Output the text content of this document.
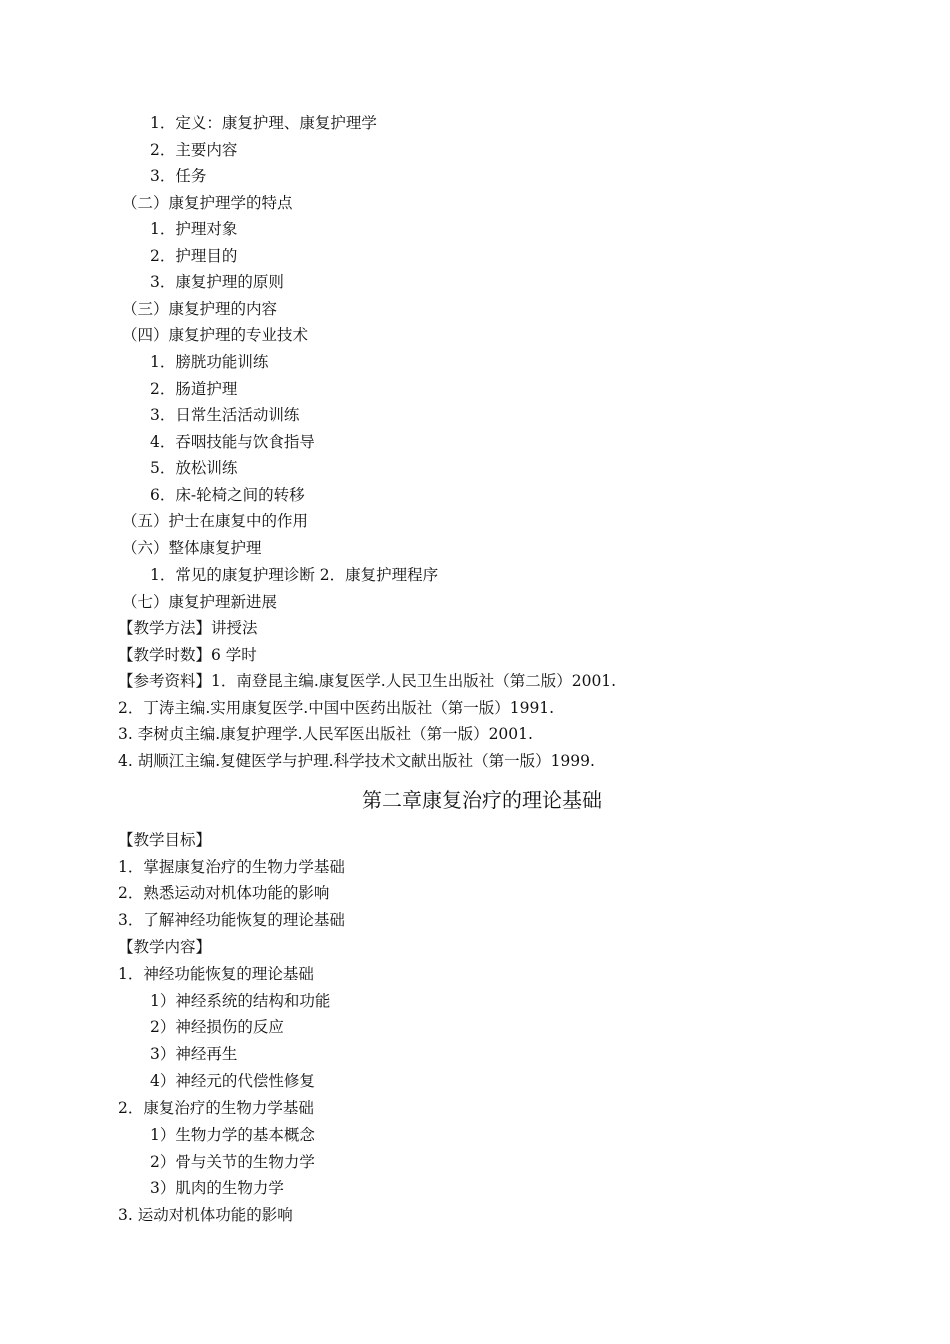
1．定义：康复护理、康复护理学
2．主要内容
3．任务
（二）康复护理学的特点
1．护理对象
2．护理目的
3．康复护理的原则
（三）康复护理的内容
（四）康复护理的专业技术
1．膀胱功能训练
2．肠道护理
3．日常生活活动训练
4．吞咽技能与饮食指导
5．放松训练
6．床-轮椅之间的转移
（五）护士在康复中的作用
（六）整体康复护理
1．常见的康复护理诊断 2．康复护理程序
（七）康复护理新进展
【教学方法】讲授法
【教学时数】6 学时
【参考资料】1．南登昆主编.康复医学.人民卫生出版社（第二版）2001.
2．丁涛主编.实用康复医学.中国中医药出版社（第一版）1991.
3. 李树贞主编.康复护理学.人民军医出版社（第一版）2001.
4. 胡顺江主编.复健医学与护理.科学技术文献出版社（第一版）1999.
第二章康复治疗的理论基础
【教学目标】
1．掌握康复治疗的生物力学基础
2．熟悉运动对机体功能的影响
3．了解神经功能恢复的理论基础
【教学内容】
1．神经功能恢复的理论基础
1）神经系统的结构和功能
2）神经损伤的反应
3）神经再生
4）神经元的代偿性修复
2．康复治疗的生物力学基础
1）生物力学的基本概念
2）骨与关节的生物力学
3）肌肉的生物力学
3. 运动对机体功能的影响
